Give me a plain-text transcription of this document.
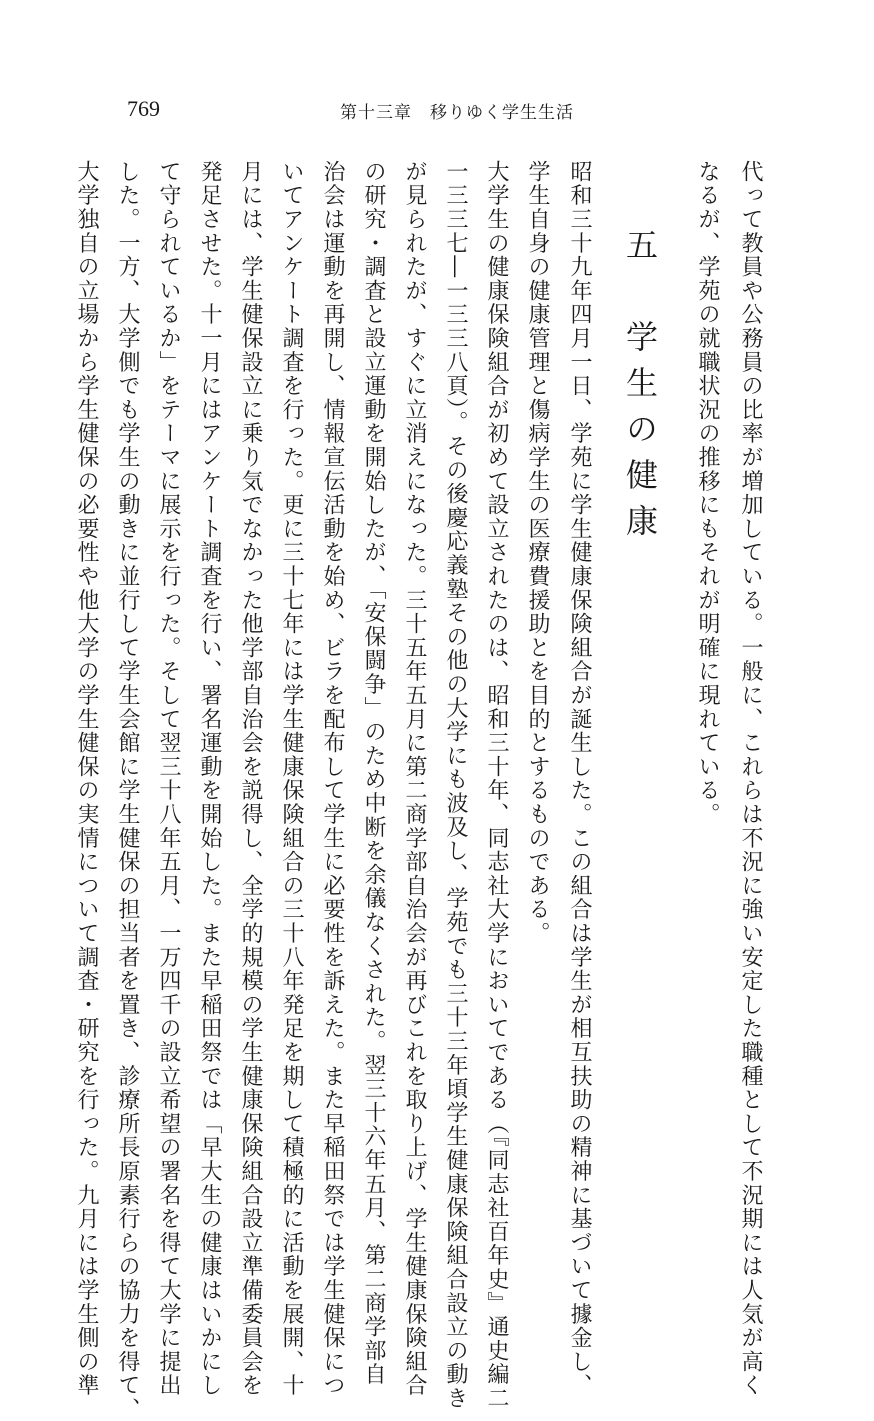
769	第十三章　移りゆく学生生活
代って教員や公務員の比率が増加している。一般に、これらは不況に強い安定した職種として不況期には人気が高く
なるが、学苑の就職状況の推移にもそれが明確に現れている。
五　学生の健康
昭和三十九年四月一日、学苑に学生健康保険組合が誕生した。この組合は学生が相互扶助の精神に基づいて據金し、
学生自身の健康管理と傷病学生の医療費援助とを目的とするものである。
大学生の健康保険組合が初めて設立されたのは、昭和三十年、同志社大学においてである（『同志社百年史』通史編二
一三三七―一三三八頁）。その後慶応義塾その他の大学にも波及し、学苑でも三十三年頃学生健康保険組合設立の動き
が見られたが、すぐに立消えになった。三十五年五月に第二商学部自治会が再びこれを取り上げ、学生健康保険組合
の研究・調査と設立運動を開始したが、「安保闘争」のため中断を余儀なくされた。翌三十六年五月、第二商学部自
治会は運動を再開し、情報宣伝活動を始め、ビラを配布して学生に必要性を訴えた。また早稲田祭では学生健保につ
いてアンケート調査を行った。更に三十七年には学生健康保険組合の三十八年発足を期して積極的に活動を展開、十
月には、学生健保設立に乗り気でなかった他学部自治会を説得し、全学的規模の学生健康保険組合設立準備委員会を
発足させた。十一月にはアンケート調査を行い、署名運動を開始した。また早稲田祭では「早大生の健康はいかにし
て守られているか」をテーマに展示を行った。そして翌三十八年五月、一万四千の設立希望の署名を得て大学に提出
した。一方、大学側でも学生の動きに並行して学生会館に学生健保の担当者を置き、診療所長原素行らの協力を得て、
大学独自の立場から学生健保の必要性や他大学の学生健保の実情について調査・研究を行った。九月には学生側の準
